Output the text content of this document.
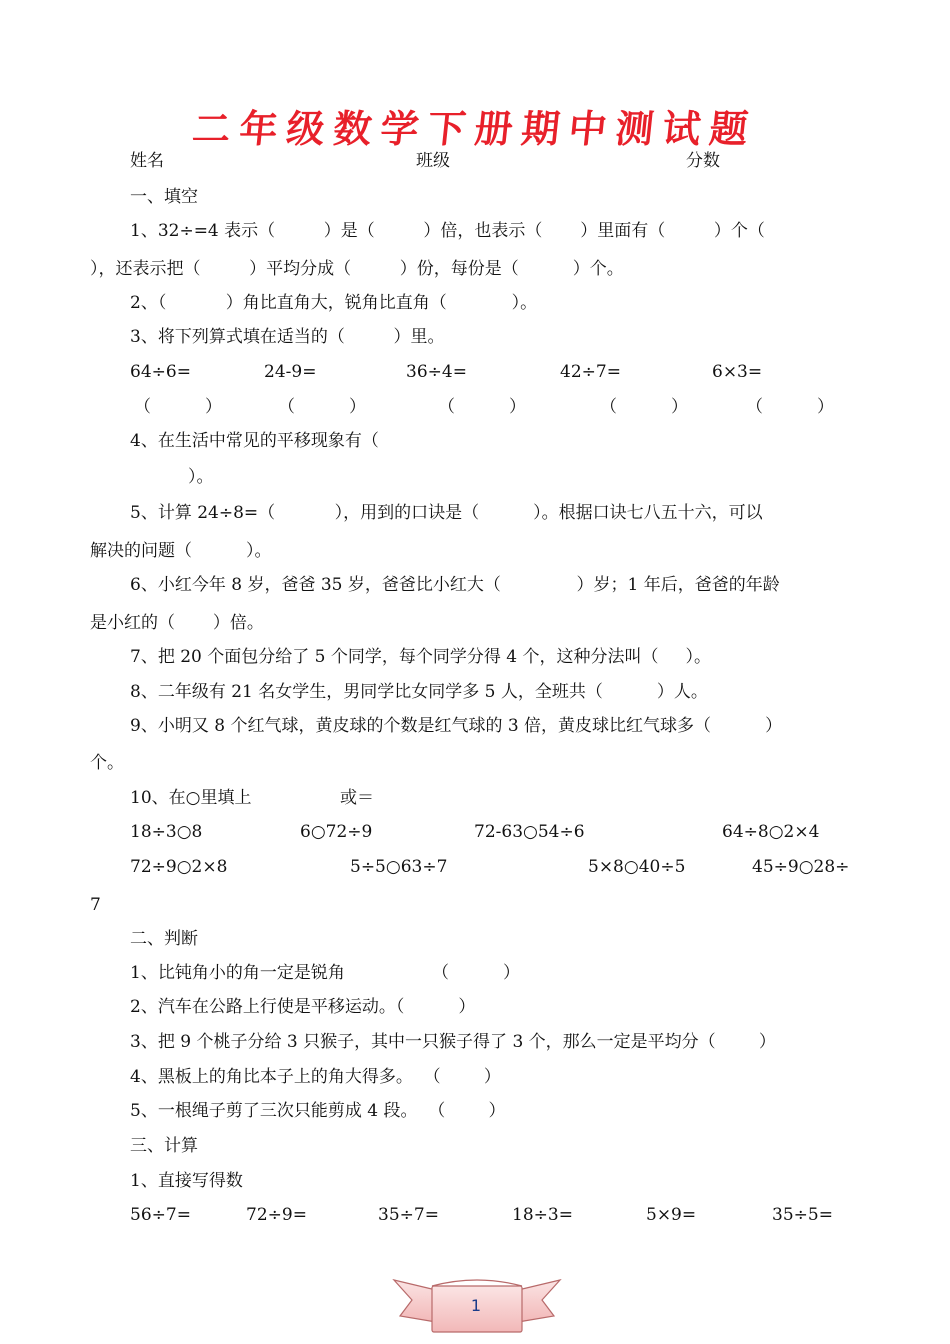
二年级数学下册期中测试题
姓名	班级	分数
一、填空
1、32÷=4 表示（         ）是（         ）倍，也表示（       ）里面有（         ）个（
），还表示把（         ）平均分成（         ）份，每份是（          ）个。
2、（           ）角比直角大，锐角比直角（            ）。
3、将下列算式填在适当的（         ）里。
64÷6=	24-9=	36÷4=	42÷7=	6×3=
（          ）	（          ）	（          ）	（          ）	（          ）
4、在生活中常见的平移现象有（
）。
5、计算 24÷8=（           ），用到的口诀是（          ）。根据口诀七八五十六，可以
解决的问题（          ）。
6、小红今年 8 岁，爸爸 35 岁，爸爸比小红大（              ）岁；1 年后，爸爸的年龄
是小红的（       ）倍。
7、把 20 个面包分给了 5 个同学，每个同学分得 4 个，这种分法叫（     ）。
8、二年级有 21 名女学生，男同学比女同学多 5 人，全班共（          ）人。
9、小明又 8 个红气球，黄皮球的个数是红气球的 3 倍，黄皮球比红气球多（          ）
个。
10、在○里填上	或＝
18÷3○8	6○72÷9	72-63○54÷6	64÷8○2×4
72÷9○2×8	5÷5○63÷7	5×8○40÷5	45÷9○28÷
7
二、判断
1、比钝角小的角一定是锐角	（          ）
2、汽车在公路上行使是平移运动。（          ）
3、把 9 个桃子分给 3 只猴子，其中一只猴子得了 3 个，那么一定是平均分（        ）
4、黑板上的角比本子上的角大得多。  （        ）
5、一根绳子剪了三次只能剪成 4 段。  （        ）
三、计算
1、直接写得数
56÷7=	72÷9=	35÷7=	18÷3=	5×9=	35÷5=
1
